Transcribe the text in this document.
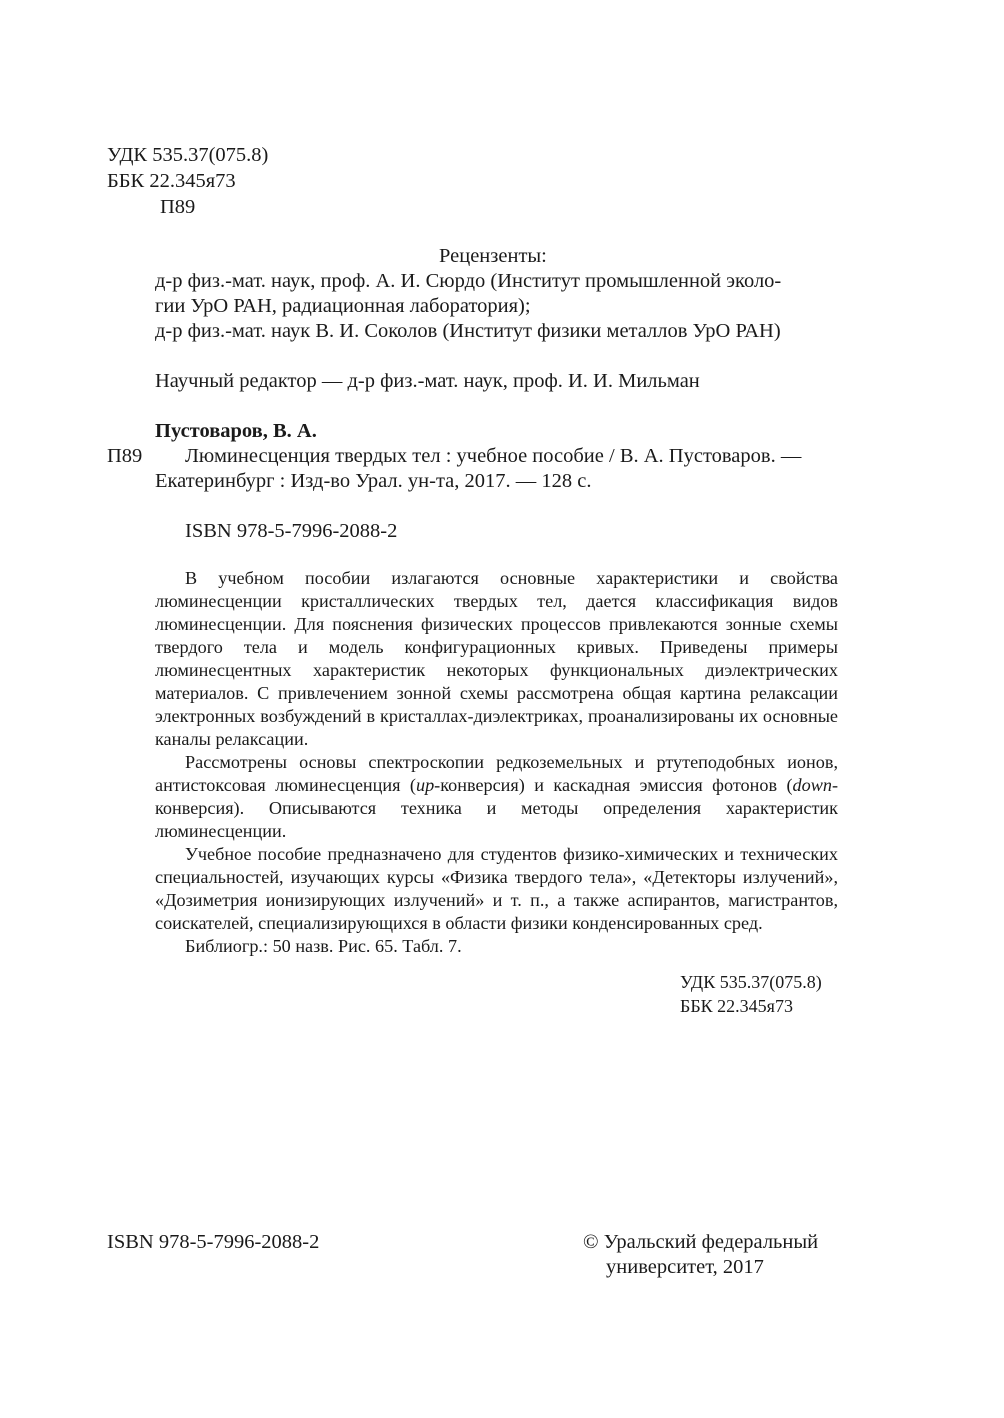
УДК 535.37(075.8)
ББК 22.345я73
П89
Рецензенты:
д-р физ.-мат. наук, проф. А. И. Сюрдо (Институт промышленной эколо-
гии УрО РАН, радиационная лаборатория);
д-р физ.-мат. наук В. И. Соколов (Институт физики металлов УрО РАН)
Научный редактор — д-р физ.-мат. наук, проф. И. И. Мильман
Пустоваров, В. А.
П89 Люминесценция твердых тел : учебное пособие / В. А. Пустоваров. —
Екатеринбург : Изд-во Урал. ун-та, 2017. — 128 с.
ISBN 978-5-7996-2088-2

В учебном пособии излагаются основные характеристики и свойства люминесценции кристаллических твердых тел, дается классификация видов люминесценции. Для пояснения физических процессов привлекаются зонные схемы твердого тела и модель конфигурационных кривых. Приведены примеры люминесцентных характеристик некоторых функциональных диэлектрических материалов. С привлечением зонной схемы рассмотрена общая картина релаксации электронных возбуждений в кристаллах-диэлектриках, проанализированы их основные каналы релаксации.

Рассмотрены основы спектроскопии редкоземельных и ртутеподобных ионов, антистоксовая люминесценция (up-конверсия) и каскадная эмиссия фотонов (down-конверсия). Описываются техника и методы определения характеристик люминесценции.

Учебное пособие предназначено для студентов физико-химических и технических специальностей, изучающих курсы «Физика твердого тела», «Детекторы излучений», «Дозиметрия ионизирующих излучений» и т. п., а также аспирантов, магистрантов, соискателей, специализирующихся в области физики конденсированных сред.

Библиогр.: 50 назв. Рис. 65. Табл. 7.

УДК 535.37(075.8)
ББК 22.345я73
ISBN 978-5-7996-2088-2	© Уральский федеральный
университет, 2017
